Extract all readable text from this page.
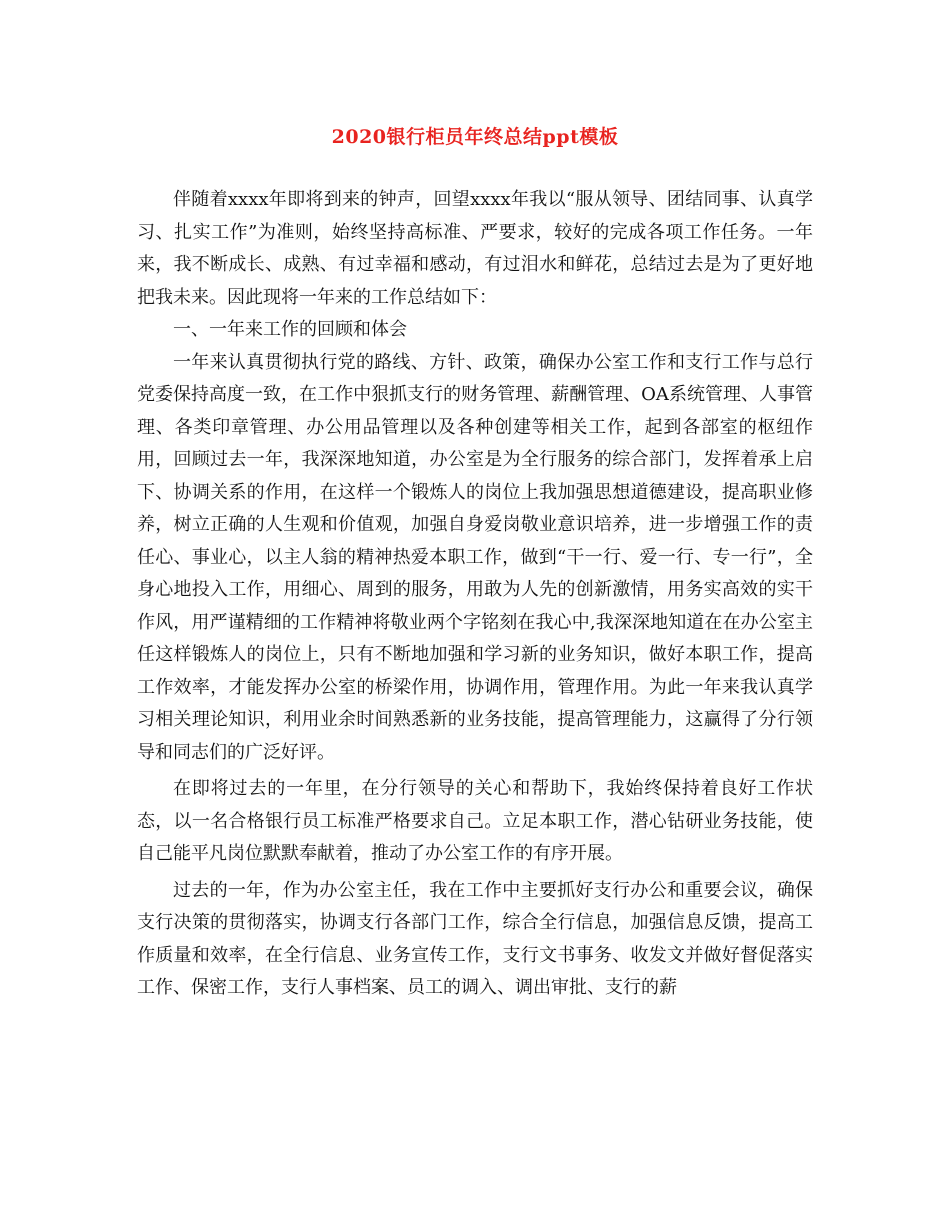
2020银行柜员年终总结ppt模板

伴随着xxxx年即将到来的钟声，回望xxxx年我以“服从领导、团结同事、认真学习、扎实工作”为准则，始终坚持高标准、严要求，较好的完成各项工作任务。一年来，我不断成长、成熟、有过幸福和感动，有过泪水和鲜花，总结过去是为了更好地把我未来。因此现将一年来的工作总结如下：

一、一年来工作的回顾和体会

一年来认真贯彻执行党的路线、方针、政策，确保办公室工作和支行工作与总行党委保持高度一致，在工作中狠抓支行的财务管理、薪酬管理、OA系统管理、人事管理、各类印章管理、办公用品管理以及各种创建等相关工作，起到各部室的枢纽作用，回顾过去一年，我深深地知道，办公室是为全行服务的综合部门，发挥着承上启下、协调关系的作用，在这样一个锻炼人的岗位上我加强思想道德建设，提高职业修养，树立正确的人生观和价值观，加强自身爱岗敬业意识培养，进一步增强工作的责任心、事业心，以主人翁的精神热爱本职工作，做到“干一行、爱一行、专一行”，全身心地投入工作，用细心、周到的服务，用敢为人先的创新激情，用务实高效的实干作风，用严谨精细的工作精神将敬业两个字铭刻在我心中,我深深地知道在在办公室主任这样锻炼人的岗位上，只有不断地加强和学习新的业务知识，做好本职工作，提高工作效率，才能发挥办公室的桥梁作用，协调作用，管理作用。为此一年来我认真学习相关理论知识，利用业余时间熟悉新的业务技能，提高管理能力，这赢得了分行领导和同志们的广泛好评。

在即将过去的一年里，在分行领导的关心和帮助下，我始终保持着良好工作状态，以一名合格银行员工标准严格要求自己。立足本职工作，潜心钻研业务技能，使自己能平凡岗位默默奉献着，推动了办公室工作的有序开展。

过去的一年，作为办公室主任，我在工作中主要抓好支行办公和重要会议，确保支行决策的贯彻落实，协调支行各部门工作，综合全行信息，加强信息反馈，提高工作质量和效率，在全行信息、业务宣传工作，支行文书事务、收发文并做好督促落实工作、保密工作，支行人事档案、员工的调入、调出审批、支行的薪
